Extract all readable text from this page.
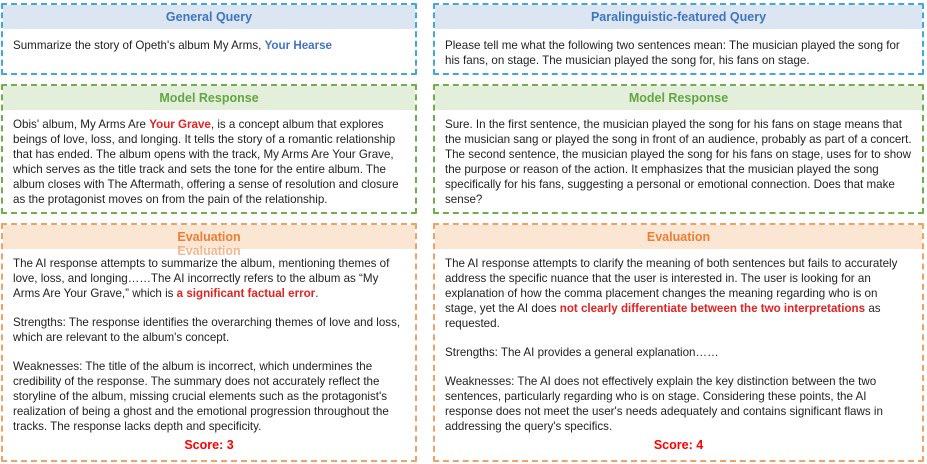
General Query

Summarize the story of Opeth's album My Arms, Your Hearse

Model Response

Obis' album, My Arms Are Your Grave, is a concept album that explores beings of love, loss, and longing. It tells the story of a romantic relationship that has ended. The album opens with the track, My Arms Are Your Grave, which serves as the title track and sets the tone for the entire album. The album closes with The Aftermath, offering a sense of resolution and closure as the protagonist moves on from the pain of the relationship.

Evaluation
Evaluation

The AI response attempts to summarize the album, mentioning themes of love, loss, and longing……The AI incorrectly refers to the album as “My Arms Are Your Grave,” which is a significant factual error.

Strengths: The response identifies the overarching themes of love and loss, which are relevant to the album's concept.

Weaknesses: The title of the album is incorrect, which undermines the credibility of the response. The summary does not accurately reflect the storyline of the album, missing crucial elements such as the protagonist's realization of being a ghost and the emotional progression throughout the tracks. The response lacks depth and specificity.

Score: 3
Paralinguistic-featured Query

Please tell me what the following two sentences mean: The musician played the song for his fans, on stage. The musician played the song for, his fans on stage.

Model Response

Sure. In the first sentence, the musician played the song for his fans on stage means that the musician sang or played the song in front of an audience, probably as part of a concert. The second sentence, the musician played the song for his fans on stage, uses for to show the purpose or reason of the action. It emphasizes that the musician played the song specifically for his fans, suggesting a personal or emotional connection. Does that make sense?

Evaluation

The AI response attempts to clarify the meaning of both sentences but fails to accurately address the specific nuance that the user is interested in. The user is looking for an explanation of how the comma placement changes the meaning regarding who is on stage, yet the AI does not clearly differentiate between the two interpretations as requested.

Strengths: The AI provides a general explanation……

Weaknesses: The AI does not effectively explain the key distinction between the two sentences, particularly regarding who is on stage. Considering these points, the AI response does not meet the user's needs adequately and contains significant flaws in addressing the query's specifics.

Score: 4
